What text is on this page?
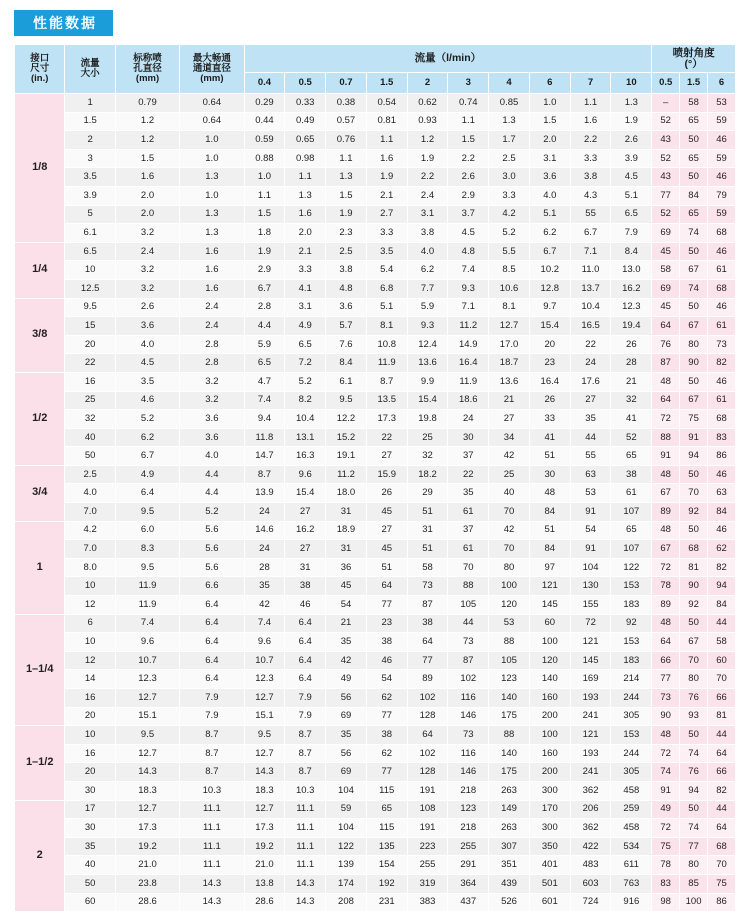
性能数据
接口
尺寸
(in.)

流量
大小

标称喷
孔直径
(mm)

最大畅通
通道直径
(mm)
	流量（l/min）	喷射角度
(°）

				0.4	0.5	0.7	1.5	2	3	4	6	7	10	0.5	1.5	6
1/8	1	0.79	0.64	0.29	0.33	0.38	0.54	0.62	0.74	0.85	1.0	1.1	1.3	–	58	53
	1.5	1.2	0.64	0.44	0.49	0.57	0.81	0.93	1.1	1.3	1.5	1.6	1.9	52	65	59
	2	1.2	1.0	0.59	0.65	0.76	1.1	1.2	1.5	1.7	2.0	2.2	2.6	43	50	46
	3	1.5	1.0	0.88	0.98	1.1	1.6	1.9	2.2	2.5	3.1	3.3	3.9	52	65	59
	3.5	1.6	1.3	1.0	1.1	1.3	1.9	2.2	2.6	3.0	3.6	3.8	4.5	43	50	46
	3.9	2.0	1.0	1.1	1.3	1.5	2.1	2.4	2.9	3.3	4.0	4.3	5.1	77	84	79
	5	2.0	1.3	1.5	1.6	1.9	2.7	3.1	3.7	4.2	5.1	55	6.5	52	65	59
	6.1	3.2	1.3	1.8	2.0	2.3	3.3	3.8	4.5	5.2	6.2	6.7	7.9	69	74	68
1/4	6.5	2.4	1.6	1.9	2.1	2.5	3.5	4.0	4.8	5.5	6.7	7.1	8.4	45	50	46
	10	3.2	1.6	2.9	3.3	3.8	5.4	6.2	7.4	8.5	10.2	11.0	13.0	58	67	61
	12.5	3.2	1.6	6.7	4.1	4.8	6.8	7.7	9.3	10.6	12.8	13.7	16.2	69	74	68
3/8	9.5	2.6	2.4	2.8	3.1	3.6	5.1	5.9	7.1	8.1	9.7	10.4	12.3	45	50	46
	15	3.6	2.4	4.4	4.9	5.7	8.1	9.3	11.2	12.7	15.4	16.5	19.4	64	67	61
	20	4.0	2.8	5.9	6.5	7.6	10.8	12.4	14.9	17.0	20	22	26	76	80	73
	22	4.5	2.8	6.5	7.2	8.4	11.9	13.6	16.4	18.7	23	24	28	87	90	82
1/2	16	3.5	3.2	4.7	5.2	6.1	8.7	9.9	11.9	13.6	16.4	17.6	21	48	50	46
	25	4.6	3.2	7.4	8.2	9.5	13.5	15.4	18.6	21	26	27	32	64	67	61
	32	5.2	3.6	9.4	10.4	12.2	17.3	19.8	24	27	33	35	41	72	75	68
	40	6.2	3.6	11.8	13.1	15.2	22	25	30	34	41	44	52	88	91	83
	50	6.7	4.0	14.7	16.3	19.1	27	32	37	42	51	55	65	91	94	86
3/4	2.5	4.9	4.4	8.7	9.6	11.2	15.9	18.2	22	25	30	63	38	48	50	46
	4.0	6.4	4.4	13.9	15.4	18.0	26	29	35	40	48	53	61	67	70	63
	7.0	9.5	5.2	24	27	31	45	51	61	70	84	91	107	89	92	84
1	4.2	6.0	5.6	14.6	16.2	18.9	27	31	37	42	51	54	65	48	50	46
	7.0	8.3	5.6	24	27	31	45	51	61	70	84	91	107	67	68	62
	8.0	9.5	5.6	28	31	36	51	58	70	80	97	104	122	72	81	82
	10	11.9	6.6	35	38	45	64	73	88	100	121	130	153	78	90	94
	12	11.9	6.4	42	46	54	77	87	105	120	145	155	183	89	92	84
1–1/4	6	7.4	6.4	7.4	6.4	21	23	38	44	53	60	72	92	48	50	44
	10	9.6	6.4	9.6	6.4	35	38	64	73	88	100	121	153	64	67	58
	12	10.7	6.4	10.7	6.4	42	46	77	87	105	120	145	183	66	70	60
	14	12.3	6.4	12.3	6.4	49	54	89	102	123	140	169	214	77	80	70
	16	12.7	7.9	12.7	7.9	56	62	102	116	140	160	193	244	73	76	66
	20	15.1	7.9	15.1	7.9	69	77	128	146	175	200	241	305	90	93	81
1–1/2	10	9.5	8.7	9.5	8.7	35	38	64	73	88	100	121	153	48	50	44
	16	12.7	8.7	12.7	8.7	56	62	102	116	140	160	193	244	72	74	64
	20	14.3	8.7	14.3	8.7	69	77	128	146	175	200	241	305	74	76	66
	30	18.3	10.3	18.3	10.3	104	115	191	218	263	300	362	458	91	94	82
2	17	12.7	11.1	12.7	11.1	59	65	108	123	149	170	206	259	49	50	44
	30	17.3	11.1	17.3	11.1	104	115	191	218	263	300	362	458	72	74	64
	35	19.2	11.1	19.2	11.1	122	135	223	255	307	350	422	534	75	77	68
	40	21.0	11.1	21.0	11.1	139	154	255	291	351	401	483	611	78	80	70
	50	23.8	14.3	13.8	14.3	174	192	319	364	439	501	603	763	83	85	75
	60	28.6	14.3	28.6	14.3	208	231	383	437	526	601	724	916	98	100	86
